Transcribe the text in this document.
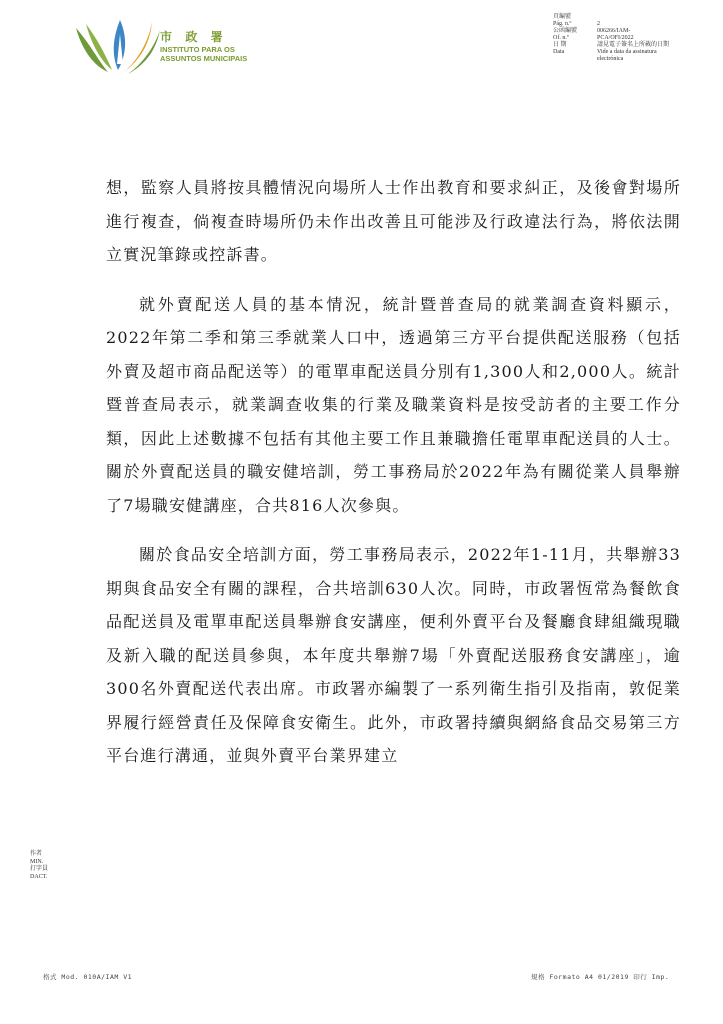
市 政 署
INSTITUTO PARA OS
ASSUNTOS MUNICIPAIS
頁編號
Pág. n.º	2
公函編號	006266/IAM-
Of. n.º	PCA/OFI/2022
日 期	請見電子簽名上所載的日期
Data	Vide a data da assinatura
electrónica

想，監察人員將按具體情況向場所人士作出教育和要求糾正，及後會對場所進行複查，倘複查時場所仍未作出改善且可能涉及行政違法行為，將依法開立實況筆錄或控訴書。

就外賣配送人員的基本情況，統計暨普查局的就業調查資料顯示，2022年第二季和第三季就業人口中，透過第三方平台提供配送服務（包括外賣及超市商品配送等）的電單車配送員分別有1,300人和2,000人。統計暨普查局表示，就業調查收集的行業及職業資料是按受訪者的主要工作分類，因此上述數據不包括有其他主要工作且兼職擔任電單車配送員的人士。關於外賣配送員的職安健培訓，勞工事務局於2022年為有關從業人員舉辦了7場職安健講座，合共816人次參與。

關於食品安全培訓方面，勞工事務局表示，2022年1-11月，共舉辦33期與食品安全有關的課程，合共培訓630人次。同時，市政署恆常為餐飲食品配送員及電單車配送員舉辦食安講座，便利外賣平台及餐廳食肆組織現職及新入職的配送員參與，本年度共舉辦7場「外賣配送服務食安講座」，逾300名外賣配送代表出席。市政署亦編製了一系列衛生指引及指南，敦促業界履行經營責任及保障食安衛生。此外，市政署持續與網絡食品交易第三方平台進行溝通，並與外賣平台業界建立

作者
MIN.
打字員
DACT.
格式 Mod. 010A/IAM V1	規格 Formato A4 01/2019 印行 Imp.
